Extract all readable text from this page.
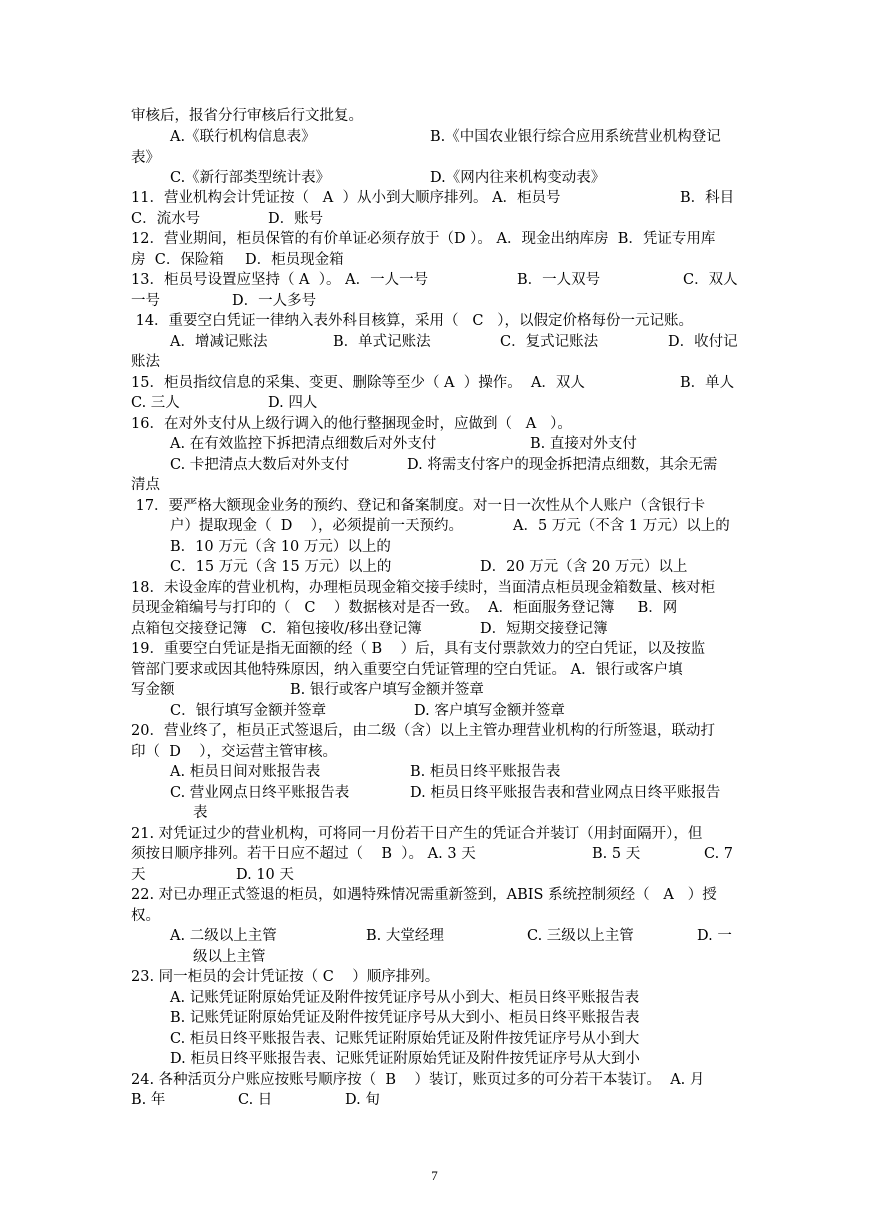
审核后，报省分行审核后行文批复。
A.《联行机构信息表》	B.《中国农业银行综合应用系统营业机构登记
表》
C.《新行部类型统计表》	D.《网内往来机构变动表》
11．营业机构会计凭证按（   A  ）从小到大顺序排列。 A．柜员号	B．科目
C．流水号	D．账号
12．营业期间，柜员保管的有价单证必须存放于（D ）。 A．现金出纳库房  B．凭证专用库
房  C．保险箱 D．柜员现金箱
13．柜员号设置应坚持（ A  ）。 A．一人一号	B．一人双号	C．双人
一号	D．一人多号
14．重要空白凭证一律纳入表外科目核算，采用（   C   ），以假定价格每份一元记账。
A．增减记账法	B．单式记账法	C．复式记账法	D．收付记
账法
15．柜员指纹信息的采集、变更、删除等至少（ A  ）操作。  A．双人	B．单人
C. 三人	D. 四人
16．在对外支付从上级行调入的他行整捆现金时，应做到（   A   ）。
A. 在有效监控下拆把清点细数后对外支付	B. 直接对外支付
C. 卡把清点大数后对外支付	D. 将需支付客户的现金拆把清点细数，其余无需
清点
17．要严格大额现金业务的预约、登记和备案制度。对一日一次性从个人账户（含银行卡
户）提取现金（  D    ），必须提前一天预约。	A．5 万元（不含 1 万元）以上的
B．10 万元（含 10 万元）以上的
C．15 万元（含 15 万元）以上的	D．20 万元（含 20 万元）以上
18．未设金库的营业机构，办理柜员现金箱交接手续时，当面清点柜员现金箱数量、核对柜
员现金箱编号与打印的（   C    ）数据核对是否一致。  A．柜面服务登记簿     B．网
点箱包交接登记簿   C．箱包接收/移出登记簿	D．短期交接登记簿
19．重要空白凭证是指无面额的经（ B    ）后，具有支付票款效力的空白凭证，以及按监
管部门要求或因其他特殊原因，纳入重要空白凭证管理的空白凭证。 A．银行或客户填
写金额	B. 银行或客户填写金额并签章
C．银行填写金额并签章	D. 客户填写金额并签章
20．营业终了，柜员正式签退后，由二级（含）以上主管办理营业机构的行所签退，联动打
印（  D    ），交运营主管审核。
A. 柜员日间对账报告表	B. 柜员日终平账报告表
C. 营业网点日终平账报告表	D. 柜员日终平账报告表和营业网点日终平账报告
表
21. 对凭证过少的营业机构，可将同一月份若干日产生的凭证合并装订（用封面隔开），但
须按日顺序排列。若干日应不超过（    B  ）。 A. 3 天	B. 5 天	C. 7
天	D. 10 天
22. 对已办理正式签退的柜员，如遇特殊情况需重新签到，ABIS 系统控制须经（   A   ）授
权。
A. 二级以上主管	B. 大堂经理	C. 三级以上主管	D. 一
级以上主管
23. 同一柜员的会计凭证按（ C    ）顺序排列。
A. 记账凭证附原始凭证及附件按凭证序号从小到大、柜员日终平账报告表
B. 记账凭证附原始凭证及附件按凭证序号从大到小、柜员日终平账报告表
C. 柜员日终平账报告表、记账凭证附原始凭证及附件按凭证序号从小到大
D. 柜员日终平账报告表、记账凭证附原始凭证及附件按凭证序号从大到小
24. 各种活页分户账应按账号顺序按（  B    ）装订，账页过多的可分若干本装订。  A. 月
B. 年	C. 日	D. 旬
7
